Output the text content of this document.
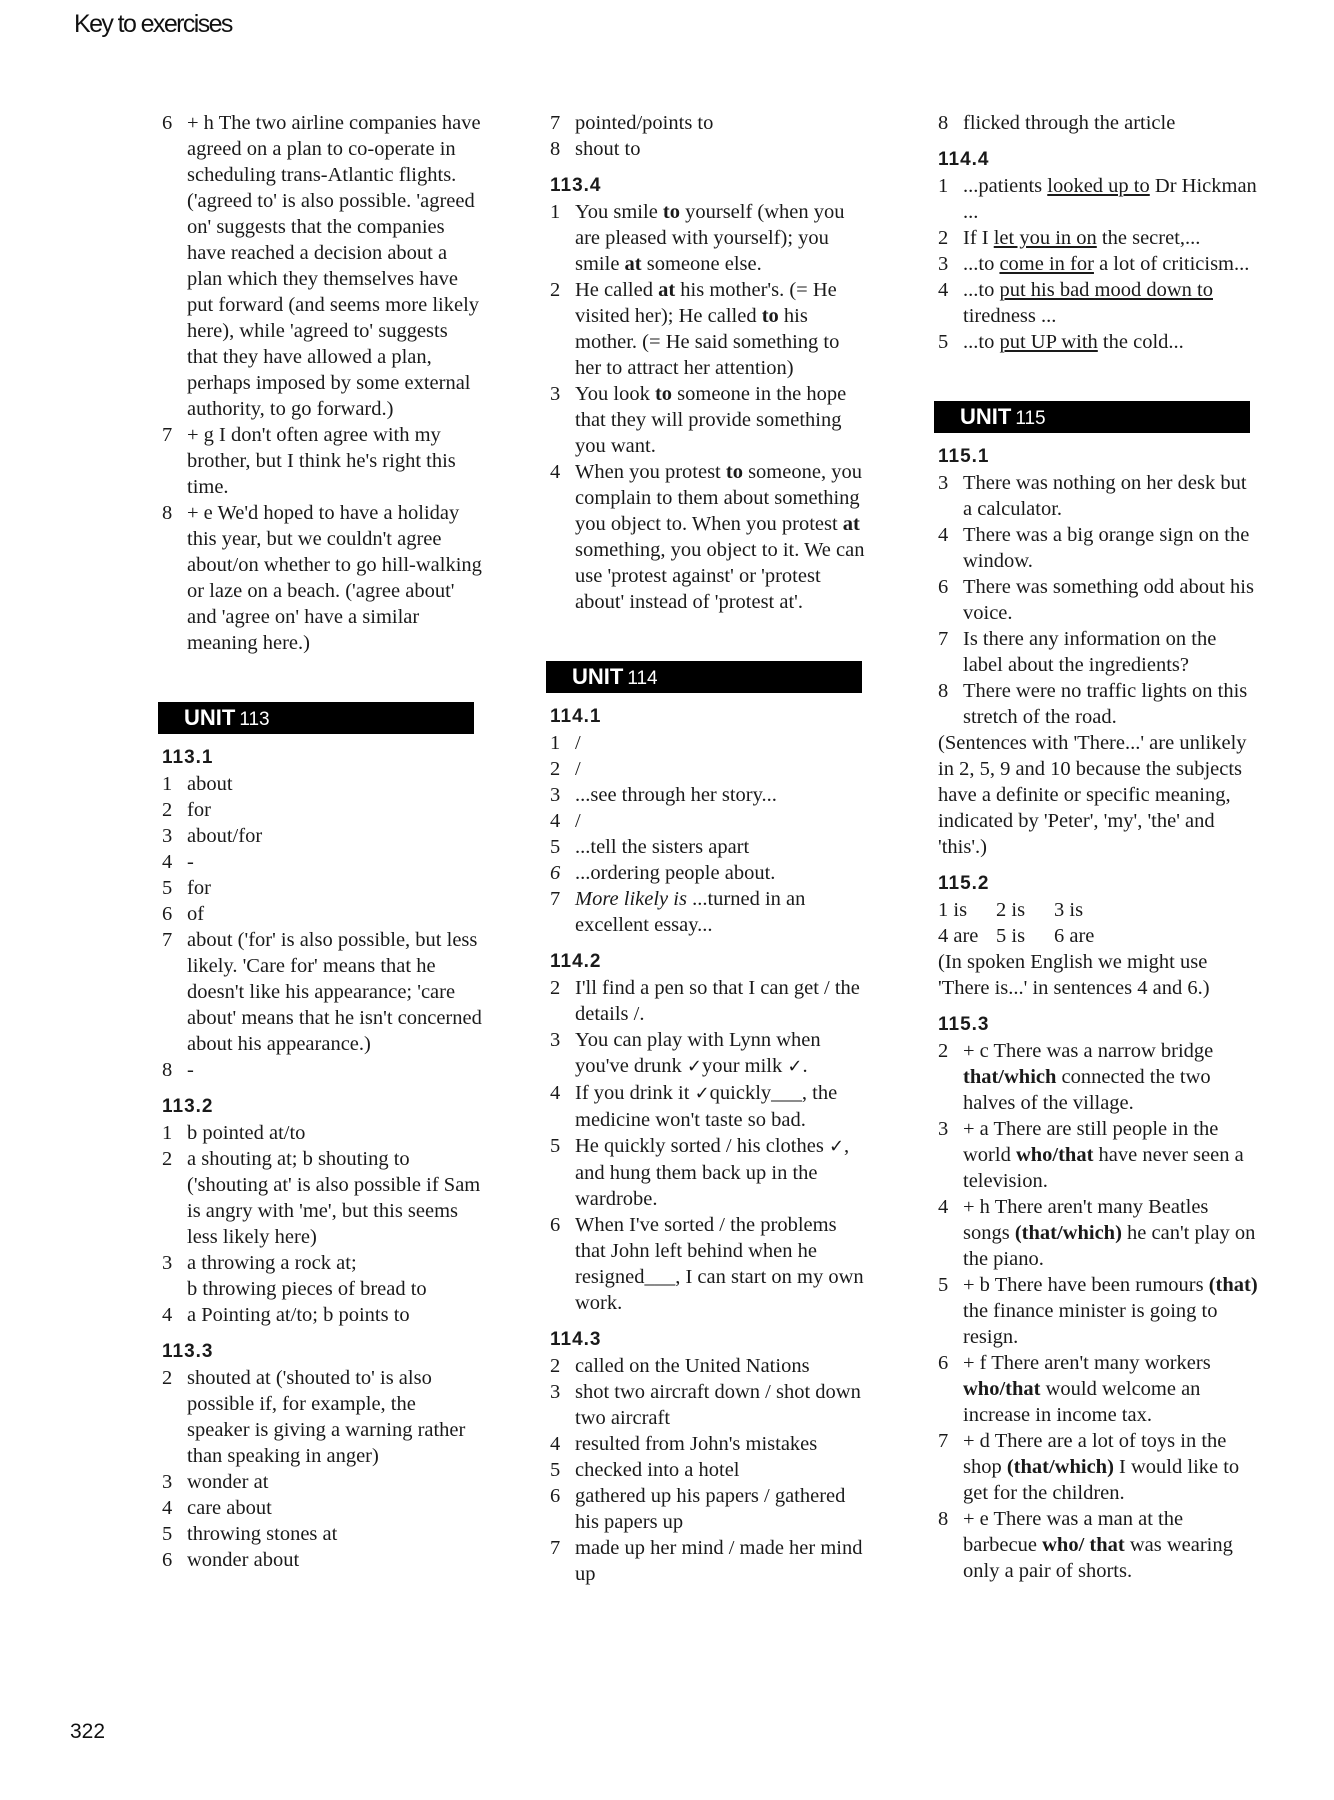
Key to exercises
6 + h The two airline companies have agreed on a plan to co-operate in scheduling trans-Atlantic flights. ('agreed to' is also possible. 'agreed on' suggests that the companies have reached a decision about a plan which they themselves have put forward (and seems more likely here), while 'agreed to' suggests that they have allowed a plan, perhaps imposed by some external authority, to go forward.)
7 + g I don't often agree with my brother, but I think he's right this time.
8 + e We'd hoped to have a holiday this year, but we couldn't agree about/on whether to go hill-walking or laze on a beach. ('agree about' and 'agree on' have a similar meaning here.)
UNIT 113
113.1
1 about
2 for
3 about/for
4 -
5 for
6 of
7 about ('for' is also possible, but less likely. 'Care for' means that he doesn't like his appearance; 'care about' means that he isn't concerned about his appearance.)
8 -
113.2
1 b pointed at/to
2 a shouting at; b shouting to ('shouting at' is also possible if Sam is angry with 'me', but this seems less likely here)
3 a throwing a rock at;
b throwing pieces of bread to
4 a Pointing at/to; b points to
113.3
2 shouted at ('shouted to' is also possible if, for example, the speaker is giving a warning rather than speaking in anger)
3 wonder at
4 care about
5 throwing stones at
6 wonder about
7 pointed/points to
8 shout to
113.4
1 You smile to yourself (when you are pleased with yourself); you smile at someone else.
2 He called at his mother's. (= He visited her); He called to his mother. (= He said something to her to attract her attention)
3 You look to someone in the hope that they will provide something you want.
4 When you protest to someone, you complain to them about something you object to. When you protest at something, you object to it. We can use 'protest against' or 'protest about' instead of 'protest at'.
UNIT 114
114.1
1 /
2 /
3 ...see through her story...
4 /
5 ...tell the sisters apart
6 ...ordering people about.
7 More likely is ...turned in an excellent essay...
114.2
2 I'll find a pen so that I can get / the details /.
3 You can play with Lynn when you've drunk ✓your milk ✓.
4 If you drink it ✓quickly___, the medicine won't taste so bad.
5 He quickly sorted / his clothes ✓, and hung them back up in the wardrobe.
6 When I've sorted / the problems that John left behind when he resigned___, I can start on my own work.
114.3
2 called on the United Nations
3 shot two aircraft down / shot down two aircraft
4 resulted from John's mistakes
5 checked into a hotel
6 gathered up his papers / gathered his papers up
7 made up her mind / made her mind up
8 flicked through the article
114.4
1 ...patients looked up to Dr Hickman ...
2 If I let you in on the secret,...
3 ...to come in for a lot of criticism...
4 ...to put his bad mood down to tiredness ...
5 ...to put UP with the cold...
UNIT 115
115.1
3 There was nothing on her desk but a calculator.
4 There was a big orange sign on the window.
6 There was something odd about his voice.
7 Is there any information on the label about the ingredients?
8 There were no traffic lights on this stretch of the road.
(Sentences with 'There...' are unlikely in 2, 5, 9 and 10 because the subjects have a definite or specific meaning, indicated by 'Peter', 'my', 'the' and 'this'.)
115.2
1 is 2 is 3 is
4 are 5 is 6 are
(In spoken English we might use 'There is...' in sentences 4 and 6.)
115.3
2 + c There was a narrow bridge that/which connected the two halves of the village.
3 + a There are still people in the world who/that have never seen a television.
4 + h There aren't many Beatles songs (that/which) he can't play on the piano.
5 + b There have been rumours (that) the finance minister is going to resign.
6 + f There aren't many workers who/that would welcome an increase in income tax.
7 + d There are a lot of toys in the shop (that/which) I would like to get for the children.
8 + e There was a man at the barbecue who/ that was wearing only a pair of shorts.
322
